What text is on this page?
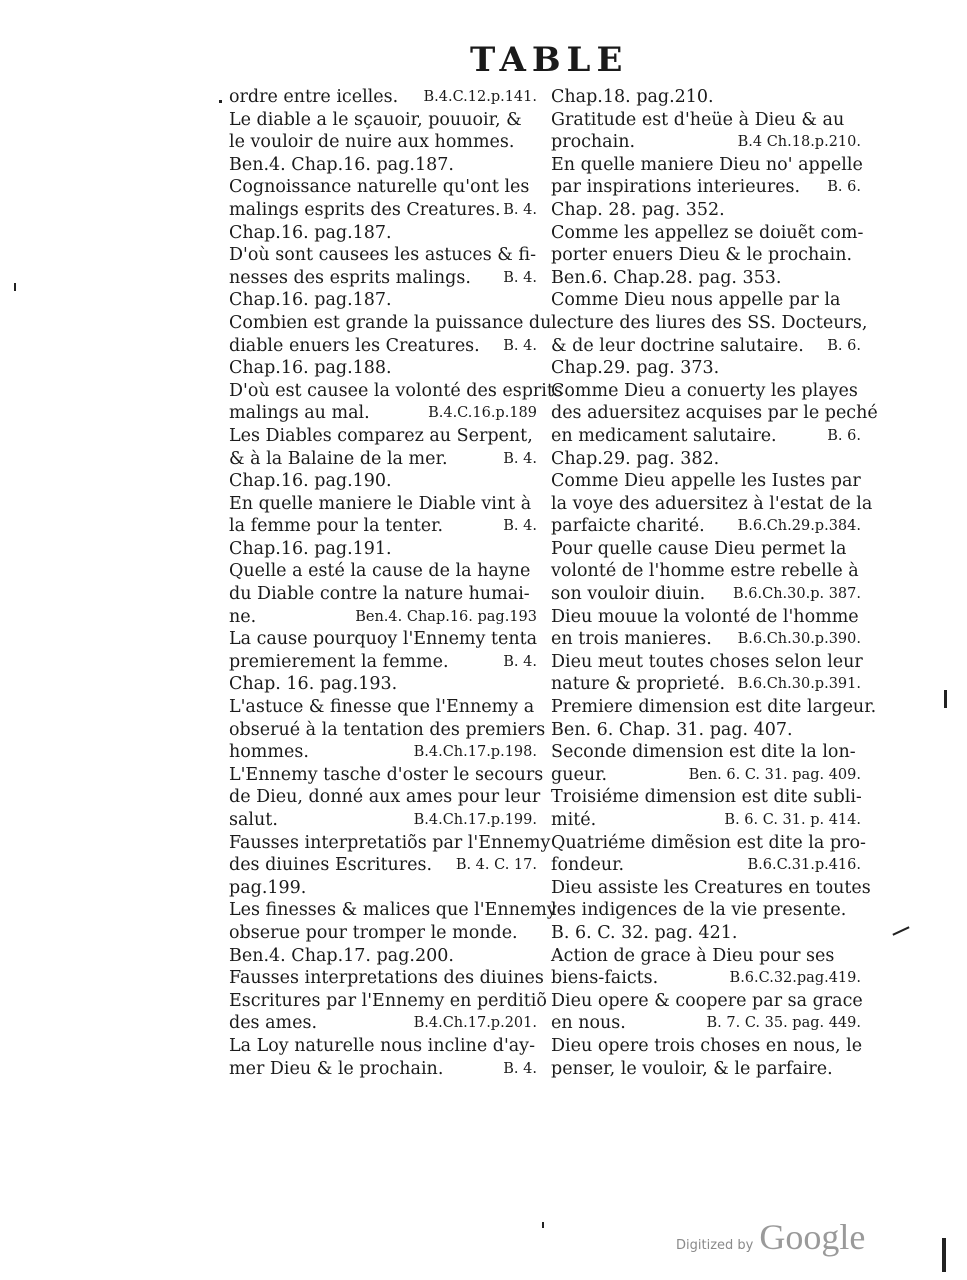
TABLE
ordre entre icelles. B.4.C.12.p.141.
Le diable a le sçauoir, pouuoir, &
le vouloir de nuire aux hommes.
Ben.4. Chap.16. pag.187.
Cognoissance naturelle qu'ont les
malings esprits des Creatures. B. 4.
Chap.16. pag.187.
D'où sont causees les astuces & fi-
nesses des esprits malings. B. 4.
Chap.16. pag.187.
Combien est grande la puissance du
diable enuers les Creatures. B. 4.
Chap.16. pag.188.
D'où est causee la volonté des esprits
malings au mal.	B.4.C.16.p.189
Les Diables comparez au Serpent,
& à la Balaine de la mer.	B. 4.
Chap.16. pag.190.
En quelle maniere le Diable vint à
la femme pour la tenter.	B. 4.
Chap.16. pag.191.
Quelle a esté la cause de la hayne
du Diable contre la nature humai-
ne.	Ben.4. Chap.16. pag.193
La cause pourquoy l'Ennemy tenta
premierement la femme.	B. 4.
Chap. 16. pag.193.
L'astuce & finesse que l'Ennemy a
obserué à la tentation des premiers
hommes.	B.4.Ch.17.p.198.
L'Ennemy tasche d'oster le secours
de Dieu, donné aux ames pour leur
salut.	B.4.Ch.17.p.199.
Fausses interpretatiõs par l'Ennemy
des diuines Escritures. B. 4. C. 17.
pag.199.
Les finesses & malices que l'Ennemy
obserue pour tromper le monde.
Ben.4. Chap.17. pag.200.
Fausses interpretations des diuines
Escritures par l'Ennemy en perditiõ
des ames.	B.4.Ch.17.p.201.
La Loy naturelle nous incline d'ay-
mer Dieu & le prochain.	B. 4.
Chap.18. pag.210.
Gratitude est d'heüe à Dieu & au
prochain.	B.4 Ch.18.p.210.
En quelle maniere Dieu no' appelle
par inspirations interieures. B. 6.
Chap. 28. pag. 352.
Comme les appellez se doiuẽt com-
porter enuers Dieu & le prochain.
Ben.6. Chap.28. pag. 353.
Comme Dieu nous appelle par la
lecture des liures des SS. Docteurs,
& de leur doctrine salutaire. B. 6.
Chap.29. pag. 373.
Comme Dieu a conuerty les playes
des aduersitez acquises par le peché
en medicament salutaire.	B. 6.
Chap.29. pag. 382.
Comme Dieu appelle les Iustes par
la voye des aduersitez à l'estat de la
parfaicte charité. B.6.Ch.29.p.384.
Pour quelle cause Dieu permet la
volonté de l'homme estre rebelle à
son vouloir diuin. B.6.Ch.30.p. 387.
Dieu mouue la volonté de l'homme
en trois manieres. B.6.Ch.30.p.390.
Dieu meut toutes choses selon leur
nature & proprieté. B.6.Ch.30.p.391.
Premiere dimension est dite largeur.
Ben. 6. Chap. 31. pag. 407.
Seconde dimension est dite la lon-
gueur.	Ben. 6. C. 31. pag. 409.
Troisiéme dimension est dite subli-
mité.	B. 6. C. 31. p. 414.
Quatriéme dimẽsion est dite la pro-
fondeur.	B.6.C.31.p.416.
Dieu assiste les Creatures en toutes
les indigences de la vie presente.
B. 6. C. 32. pag. 421.
Action de grace à Dieu pour ses
biens-faicts.	B.6.C.32.pag.419.
Dieu opere & coopere par sa grace
en nous.	B. 7. C. 35. pag. 449.
Dieu opere trois choses en nous, le
penser, le vouloir, & le parfaire.
Digitized by Google
